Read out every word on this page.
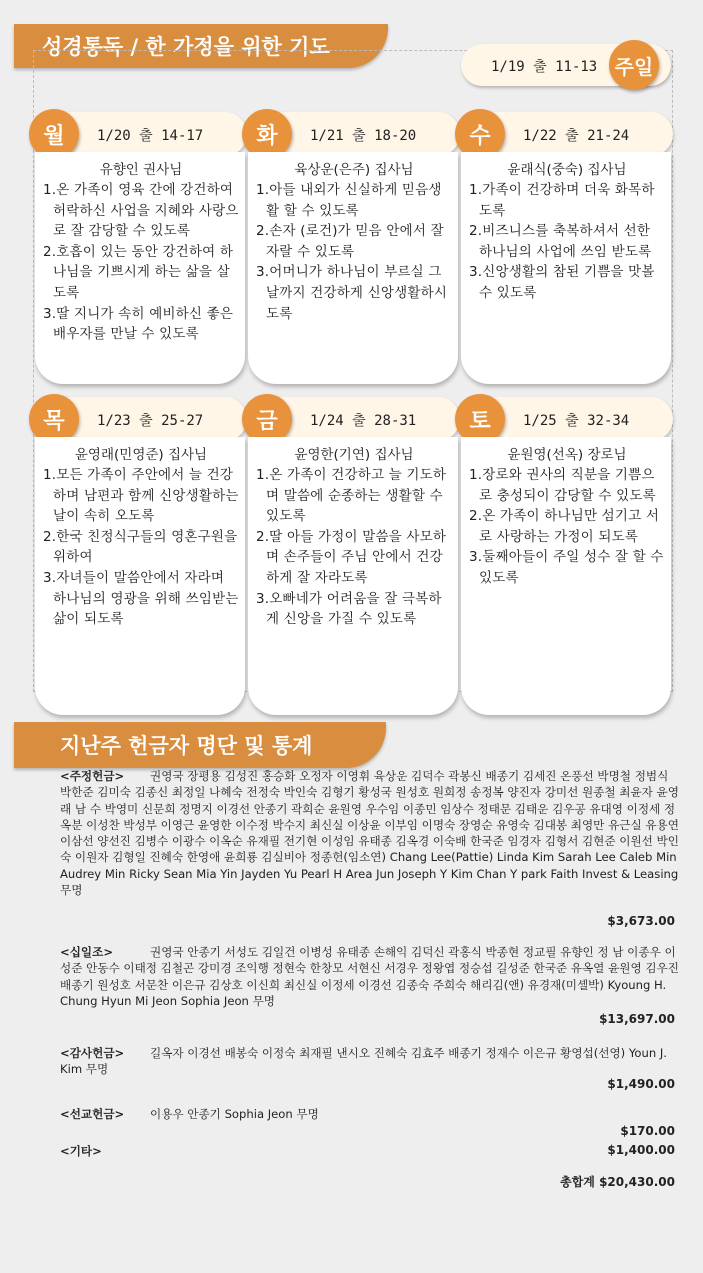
성경통독 / 한 가정을 위한 기도
1/19 출 11-13 주일
1/20 출 14-17
월
유향인 권사님
1.온 가족이 영육 간에 강건하여 허락하신 사업을 지혜와 사랑으로 잘 감당할 수 있도록
2.호흡이 있는 동안 강건하여 하나님을 기쁘시게 하는 삶을 살도록
3.딸 지니가 속히 예비하신 좋은 배우자를 만날 수 있도록
1/21 출 18-20
화
육상운(은주) 집사님
1.아들 내외가 신실하게 믿음생활 할 수 있도록
2.손자 (로건)가 믿음 안에서 잘 자랄 수 있도록
3.어머니가 하나님이 부르실 그 날까지 건강하게 신앙생활하시도록
1/22 출 21-24
수
윤래식(중숙) 집사님
1.가족이 건강하며 더욱 화목하도록
2.비즈니스를 축복하셔서 선한 하나님의 사업에 쓰임 받도록
3.신앙생활의 참된 기쁨을 맛볼 수 있도록
1/23 출 25-27
목
윤영래(민영준) 집사님
1.모든 가족이 주안에서 늘 건강하며 남편과 함께 신앙생활하는 날이 속히 오도록
2.한국 친정식구들의 영혼구원을 위하여
3.자녀들이 말씀안에서 자라며 하나님의 영광을 위해 쓰임받는 삶이 되도록
1/24 출 28-31
금
윤영한(기연) 집사님
1.온 가족이 건강하고 늘 기도하며 말씀에 순종하는 생활할 수 있도록
2.딸 아들 가정이 말씀을 사모하며 손주들이 주님 안에서 건강하게 잘 자라도록
3.오빠네가 어려움을 잘 극복하게 신앙을 가질 수 있도록
1/25 출 32-34
토
윤원영(선옥) 장로님
1.장로와 권사의 직분을 기쁨으로 충성되이 감당할 수 있도록
2.온 가족이 하나님만 섬기고 서로 사랑하는 가정이 되도록
3.둘째아들이 주일 성수 잘 할 수 있도록
지난주 헌금자 명단 및 통계
<주정헌금> 권영국 장평용 김성진 홍승화 오정자 이영휘 육상운 김덕수 곽봉신 배종기 김세진 온풍선 박명철 정범식 박한준 김미숙 김종신 최정일 나혜숙 전정숙 박인숙 김형기 황성국 원성호 원희정 송정복 양진자 강미선 원종철 최윤자 윤영래 남 수 박영미 신문희 정명지 이경선 안종기 곽희순 윤원영 우수임 이종민 임상수 정태문 김태운 김우공 유대영 이정세 정옥분 이성찬 박성부 이영근 윤영한 이수정 박수지 최신실 이상윤 이부임 이명숙 장영순 유영숙 김대봉 최영만 유근실 유용연 이삼선 양선진 김병수 이광수 이옥순 유재필 전기현 이성임 유태종 김옥경 이숙배 한국준 임경자 김형서 김현준 이원선 박인숙 이원자 김형일 진혜숙 한영애 윤희룡 김실비아 정종헌(임소연) Chang Lee(Pattie) Linda Kim Sarah Lee Caleb Min Audrey Min Ricky Sean Mia Yin Jayden Yu Pearl H Area Jun Joseph Y Kim Chan Y park Faith Invest & Leasing 무명
$3,673.00
<십일조>	권영국 안종기 서성도 김일건 이병성 유태종 손해익 김덕신 곽홍식 박종현 정교필 유향인 정 남 이종우 이성준 안동수 이태정 김철곤 강미경 조익행 정현숙 한창모 서현신 서경우 정왕엽 정승섭 길성준 한국준 유옥열 윤원영 김우진 배종기 원성호 서문찬 이은규 김상호 이신희 최신실 이정세 이경선 김종숙 주희숙 해리김(앤) 유경재(미셸박) Kyoung H. Chung Hyun Mi Jeon Sophia Jeon 무명
$13,697.00
<감사헌금> 길옥자 이경선 배봉숙 이정숙 최재필 낸시오 진혜숙 김효주 배종기 정재수 이은규 황영섭(선영) Youn J. Kim 무명
$1,490.00
<선교헌금> 이용우 안종기 Sophia Jeon 무명
$170.00
<기타>	$1,400.00
총합계 $20,430.00
